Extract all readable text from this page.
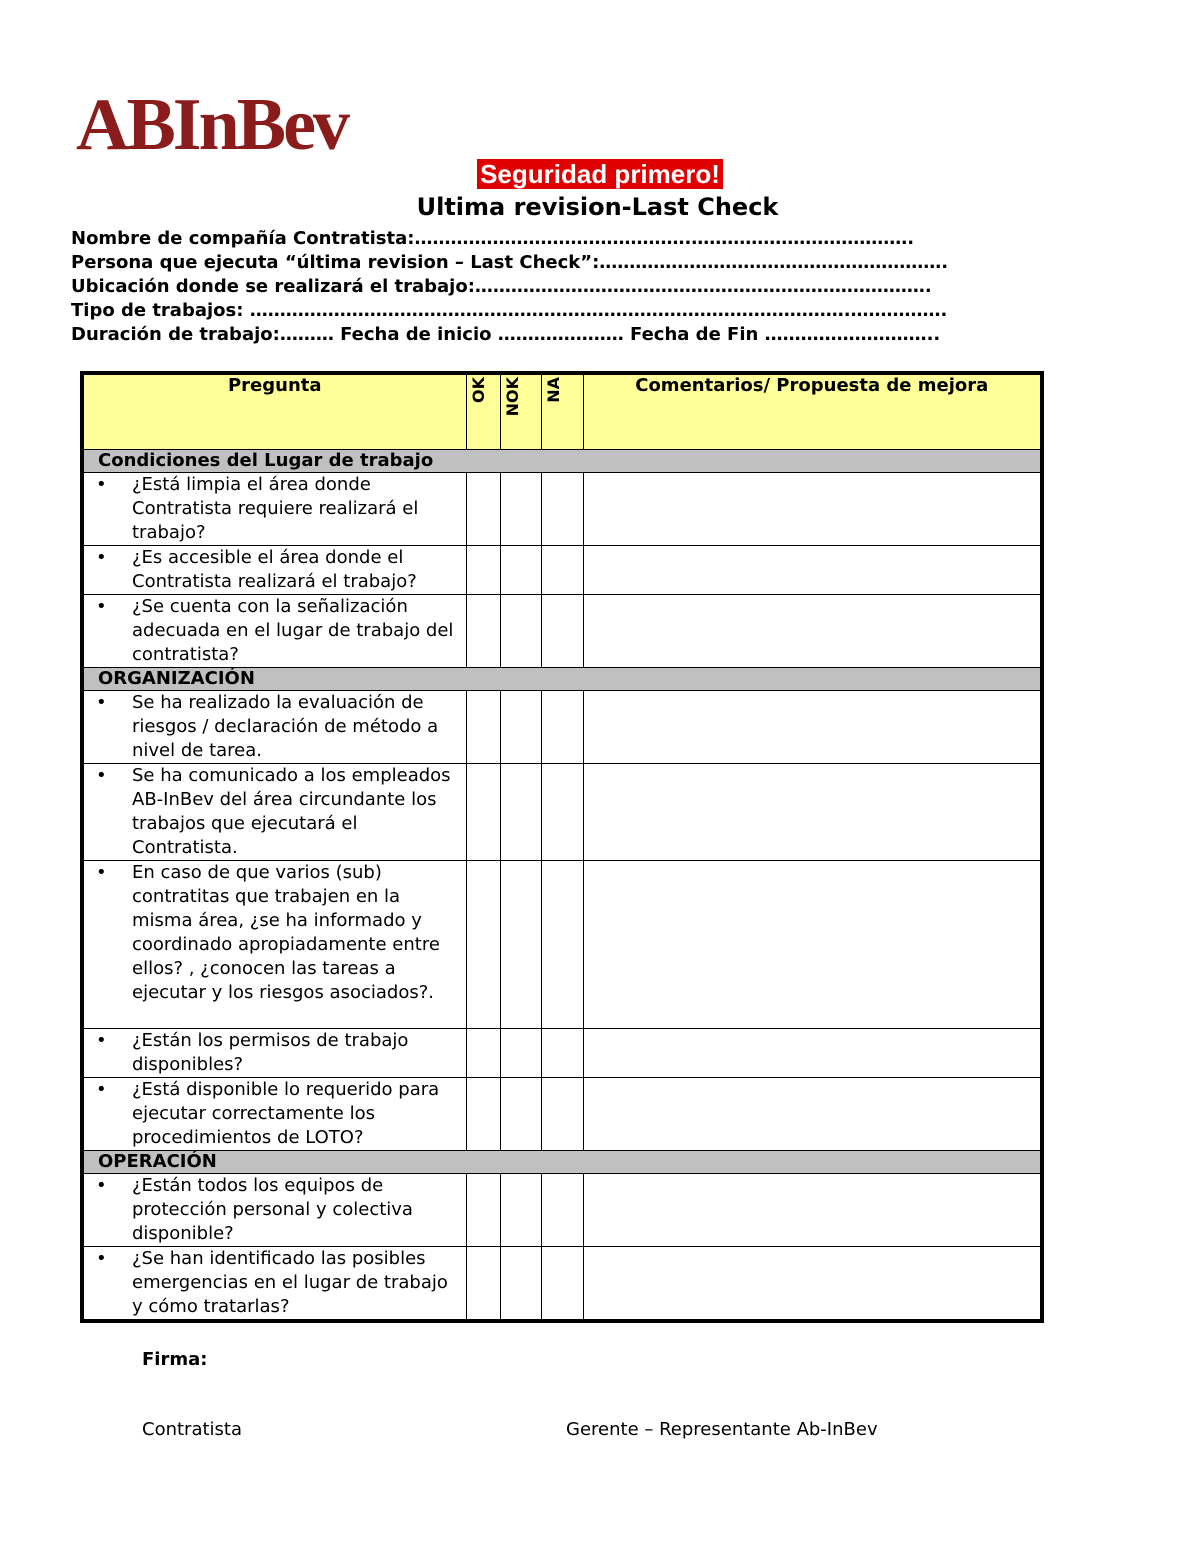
ABInBev
Seguridad primero!
Ultima revision-Last Check
Nombre de compañía Contratista:……………………………………….……………………………….
Persona que ejecuta “última revision – Last Check”:………………………………………………….
Ubicación donde se realizará el trabajo:………………………………………………………………….
Tipo de trabajos: ……………………………………………………………………………………….…………….
Duración de trabajo:……… Fecha de inicio ………………… Fecha de Fin ………………………..
Pregunta	OK	NOK	NA	Comentarios/ Propuesta de mejora
Condiciones del Lugar de trabajo				

• ¿Está limpia el área donde Contratista requiere realizará el trabajo?				

• ¿Es accesible el área donde el Contratista realizará el trabajo?				

• ¿Se cuenta con la señalización adecuada en el lugar de trabajo del contratista?				

ORGANIZACIÓN				

• Se ha realizado la evaluación de riesgos / declaración de método a nivel de tarea.				

• Se ha comunicado a los empleados AB-InBev del área circundante los trabajos que ejecutará el Contratista.				

• En caso de que varios (sub) contratitas que trabajen en la misma área, ¿se ha informado y coordinado apropiadamente entre ellos? , ¿conocen las tareas a ejecutar y los riesgos asociados?.				

• ¿Están los permisos de trabajo disponibles?				

• ¿Está disponible lo requerido para ejecutar correctamente los procedimientos de LOTO?				

OPERACIÓN				

• ¿Están todos los equipos de protección personal y colectiva disponible?				

• ¿Se han identificado las posibles emergencias en el lugar de trabajo y cómo tratarlas?				

Firma:
Contratista	Gerente – Representante Ab-InBev
